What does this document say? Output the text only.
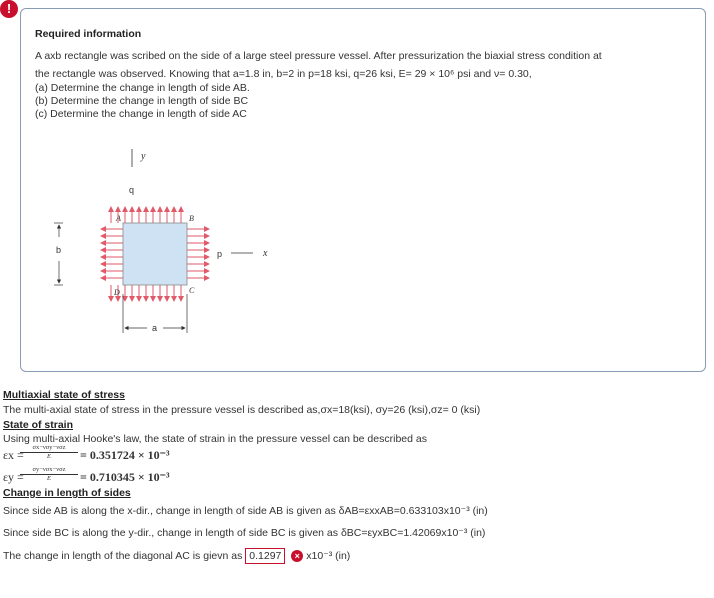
!
Required information
A axb rectangle was scribed on the side of a large steel pressure vessel. After pressurization the biaxial stress condition at
the rectangle was observed. Knowing that a=1.8 in, b=2 in p=18 ksi, q=26 ksi, E= 29 × 10⁶ psi and ν= 0.30,
(a) Determine the change in length of side AB.
(b) Determine the change in length of side BC
(c) Determine the change in length of side AC
y
q
A	B
C
D
p	x
b
a
Multiaxial state of stress
The multi-axial state of stress in the pressure vessel is described as,σx=18(ksi), σy=26 (ksi),σz= 0 (ksi)
State of strain
Using multi-axial Hooke's law, the state of strain in the pressure vessel can be described as
εx =
σx−νσy−νσz
E	= 0.351724 × 10⁻³
εy =
σy−νσx−νσz
E	= 0.710345 × 10⁻³
Change in length of sides
Since side AB is along the x-dir., change in length of side AB is given as δAB=εxxAB=0.633103x10⁻³ (in)
Since side BC is along the y-dir., change in length of side BC is given as δBC=εyxBC=1.42069x10⁻³ (in)
The change in length of the diagonal AC is gievn as 0.1297 × x10⁻³ (in)
